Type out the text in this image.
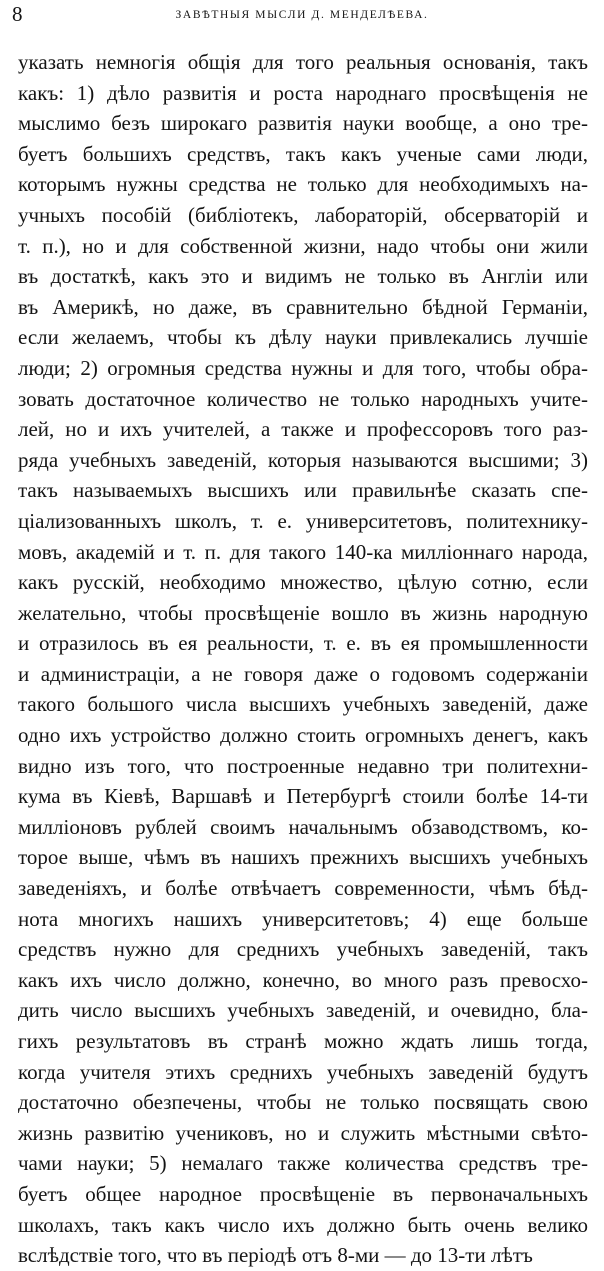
8	ЗАВѢТНЫЯ МЫСЛИ Д. МЕНДЕЛѢЕВА.
указать немногія общія для того реальныя основанія, такъ
какъ: 1) дѣло развитія и роста народнаго просвѣщенія не
мыслимо безъ широкаго развитія науки вообще, а оно тре-
буетъ большихъ средствъ, такъ какъ ученые сами люди,
которымъ нужны средства не только для необходимыхъ на-
учныхъ пособій (библіотекъ, лабораторій, обсерваторій и
т. п.), но и для собственной жизни, надо чтобы они жили
въ достаткѣ, какъ это и видимъ не только въ Англіи или
въ Америкѣ, но даже, въ сравнительно бѣдной Германіи,
если желаемъ, чтобы къ дѣлу науки привлекались лучшіе
люди; 2) огромныя средства нужны и для того, чтобы обра-
зовать достаточное количество не только народныхъ учите-
лей, но и ихъ учителей, а также и профессоровъ того раз-
ряда учебныхъ заведеній, которыя называются высшими; 3)
такъ называемыхъ высшихъ или правильнѣе сказать спе-
ціализованныхъ школъ, т. е. университетовъ, политехнику-
мовъ, академій и т. п. для такого 140-ка милліоннаго народа,
какъ русскій, необходимо множество, цѣлую сотню, если
желательно, чтобы просвѣщеніе вошло въ жизнь народную
и отразилось въ ея реальности, т. е. въ ея промышленности
и администраціи, а не говоря даже о годовомъ содержаніи
такого большого числа высшихъ учебныхъ заведеній, даже
одно ихъ устройство должно стоить огромныхъ денегъ, какъ
видно изъ того, что построенные недавно три политехни-
кума въ Кіевѣ, Варшавѣ и Петербургѣ стоили болѣе 14-ти
милліоновъ рублей своимъ начальнымъ обзаводствомъ, ко-
торое выше, чѣмъ въ нашихъ прежнихъ высшихъ учебныхъ
заведеніяхъ, и болѣе отвѣчаетъ современности, чѣмъ бѣд-
нота многихъ нашихъ университетовъ; 4) еще больше
средствъ нужно для среднихъ учебныхъ заведеній, такъ
какъ ихъ число должно, конечно, во много разъ превосхо-
дить число высшихъ учебныхъ заведеній, и очевидно, бла-
гихъ результатовъ въ странѣ можно ждать лишь тогда,
когда учителя этихъ среднихъ учебныхъ заведеній будутъ
достаточно обезпечены, чтобы не только посвящать свою
жизнь развитію учениковъ, но и служить мѣстными свѣто-
чами науки; 5) немалаго также количества средствъ тре-
буетъ общее народное просвѣщеніе въ первоначальныхъ
школахъ, такъ какъ число ихъ должно быть очень велико
вслѣдствіе того, что въ періодѣ отъ 8-ми — до 13-ти лѣтъ
